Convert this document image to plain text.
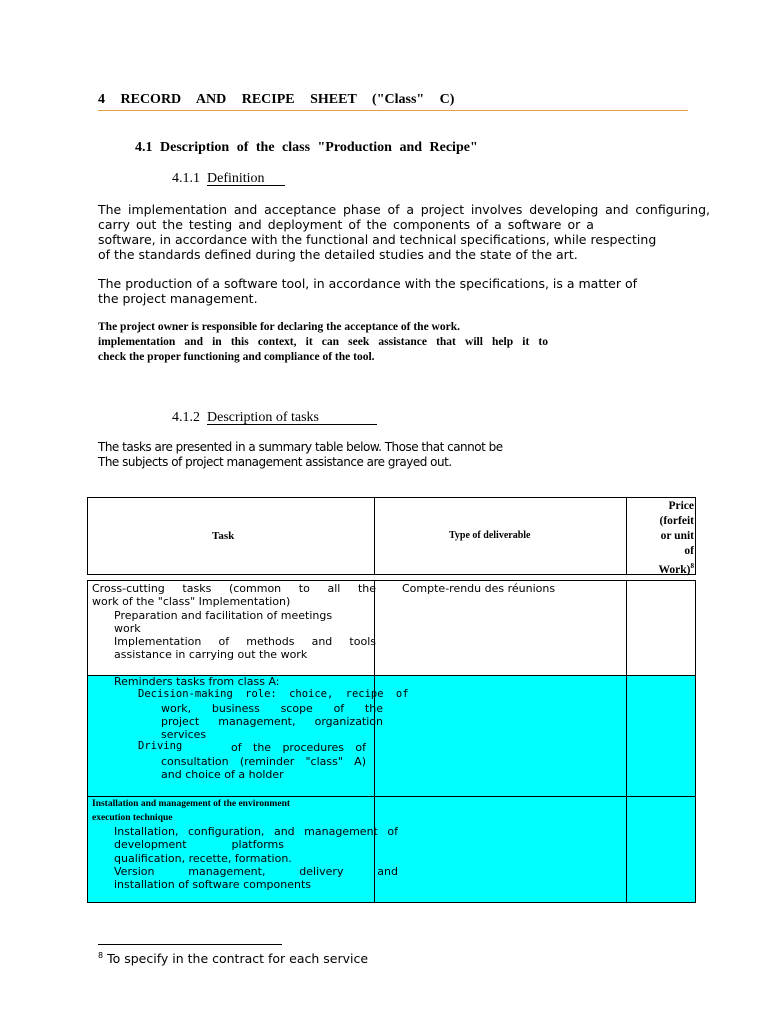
4 RECORD AND RECIPE SHEET ("Class" C)
4.1 Description of the class "Production and Recipe"
4.1.1 Definition
The implementation and acceptance phase of a project involves developing and configuring,
carry out the testing and deployment of the components of a software or a
software, in accordance with the functional and technical specifications, while respecting
of the standards defined during the detailed studies and the state of the art.
The production of a software tool, in accordance with the specifications, is a matter of
the project management.
The project owner is responsible for declaring the acceptance of the work.
implementation and in this context, it can seek assistance that will help it to
check the proper functioning and compliance of the tool.
4.1.2 Description of tasks
The tasks are presented in a summary table below. Those that cannot be
The subjects of project management assistance are grayed out.
Task	Type of deliverable
Price
(forfeit
or unit
of
Work)$^8$
Cross-cutting tasks (common to all the
work of the "class" Implementation)
Preparation and facilitation of meetings
work
Implementation of methods and tools
assistance in carrying out the work
Compte-rendu des réunions
Reminders tasks from class A:
Decision-making role: choice, recipe of
work, business scope of the
project management, organization
services
Driving	of the procedures of
consultation (reminder "class" A)
and choice of a holder
Installation and management of the environment
execution technique
Installation, configuration, and management of
development platforms
qualification, recette, formation.
Version management, delivery and
installation of software components
$^8$ To specify in the contract for each service
